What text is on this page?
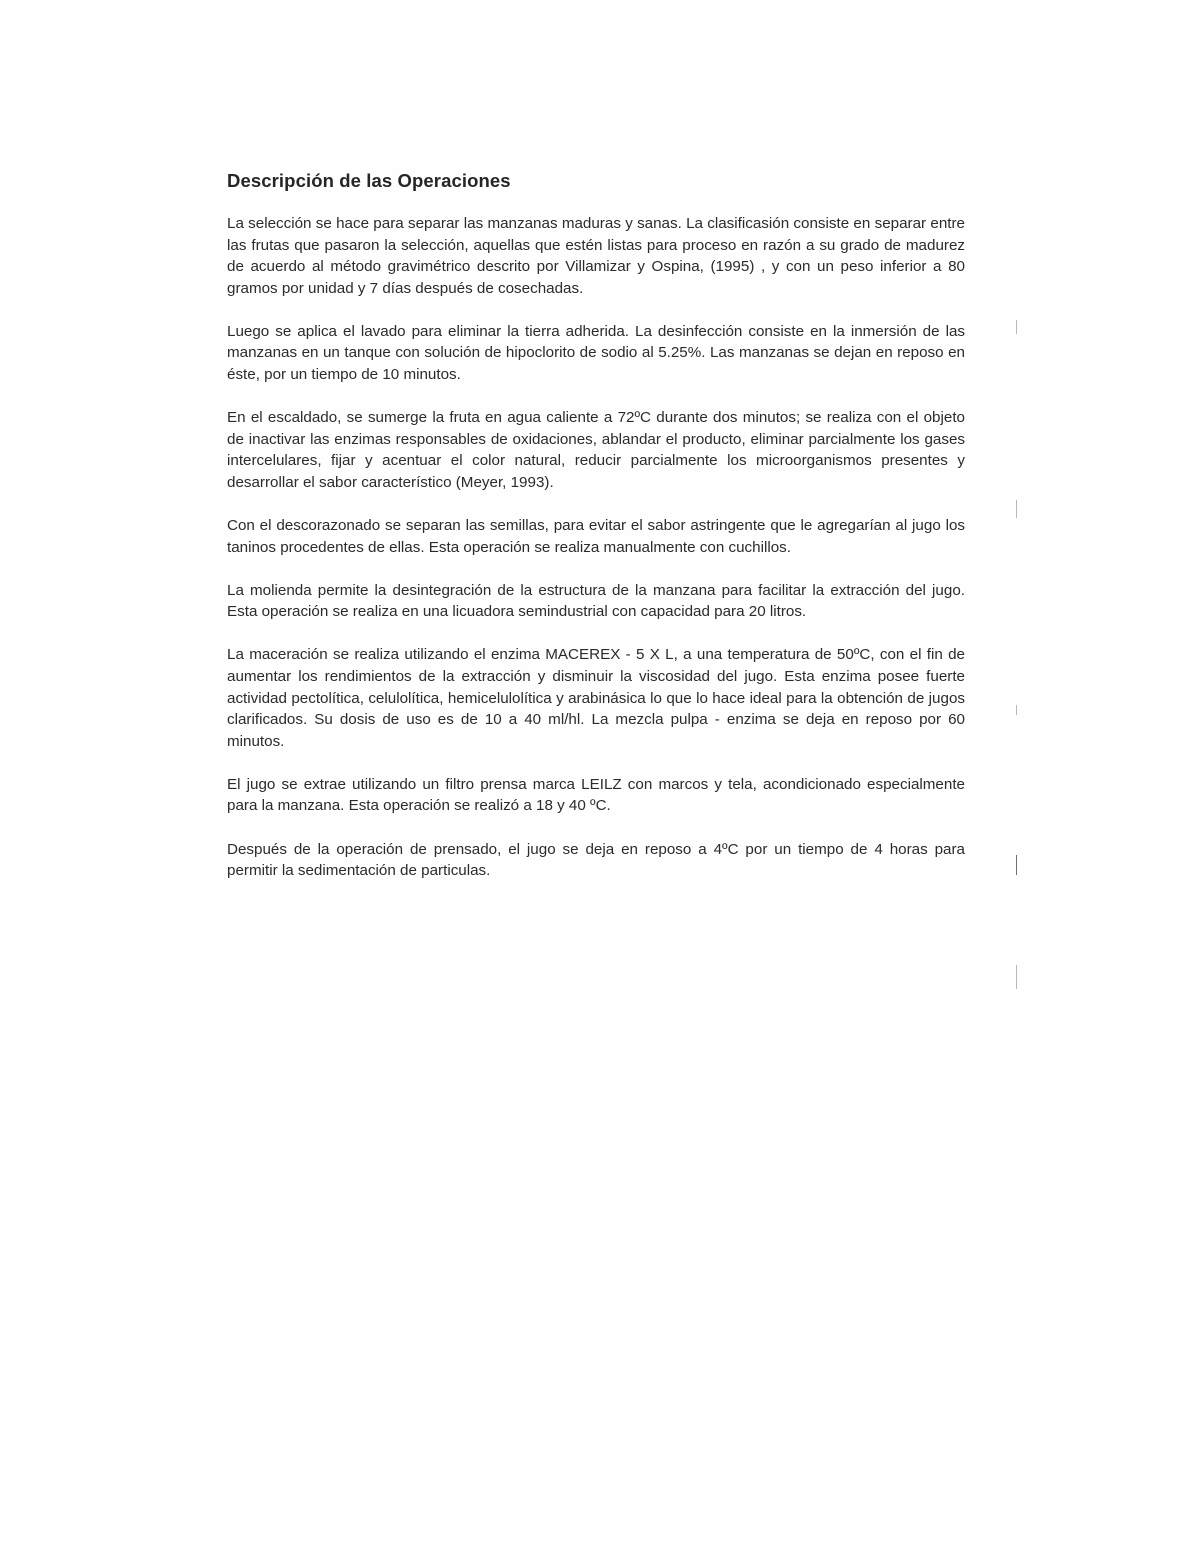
Descripción de las Operaciones

La selección se hace para separar las manzanas maduras y sanas. La clasificasión consiste en separar entre las frutas que pasaron la selección, aquellas que estén listas para proceso en razón a su grado de madurez de acuerdo al método gravimétrico descrito por Villamizar y Ospina, (1995) , y con un peso inferior a 80 gramos por unidad y 7 días después de cosechadas.

Luego se aplica el lavado para eliminar la tierra adherida. La desinfección consiste en la inmersión de las manzanas en un tanque con solución de hipoclorito de sodio al 5.25%. Las manzanas se dejan en reposo en éste, por un tiempo de 10 minutos.

En el escaldado, se sumerge la fruta en agua caliente a 72ºC durante dos minutos; se realiza con el objeto de inactivar las enzimas responsables de oxidaciones, ablandar el producto, eliminar parcialmente los gases intercelulares, fijar y acentuar el color natural, reducir parcialmente los microorganismos presentes y desarrollar el sabor característico (Meyer, 1993).

Con el descorazonado se separan las semillas, para evitar el sabor astringente que le agregarían al jugo los taninos procedentes de ellas. Esta operación se realiza manualmente con cuchillos.

La molienda permite la desintegración de la estructura de la manzana para facilitar la extracción del jugo. Esta operación se realiza en una licuadora semindustrial con capacidad para 20 litros.

La maceración se realiza utilizando el enzima MACEREX - 5 X L, a una temperatura de 50ºC, con el fin de aumentar los rendimientos de la extracción y disminuir la viscosidad del jugo. Esta enzima posee fuerte actividad pectolítica, celulolítica, hemicelulolítica y arabinásica lo que lo hace ideal para la obtención de jugos clarificados. Su dosis de uso es de 10 a 40 ml/hl. La mezcla pulpa - enzima se deja en reposo por 60 minutos.

El jugo se extrae utilizando un filtro prensa marca LEILZ con marcos y tela, acondicionado especialmente para la manzana. Esta operación se realizó a 18 y 40 ºC.

Después de la operación de prensado, el jugo se deja en reposo a 4ºC por un tiempo de 4 horas para permitir la sedimentación de particulas.
